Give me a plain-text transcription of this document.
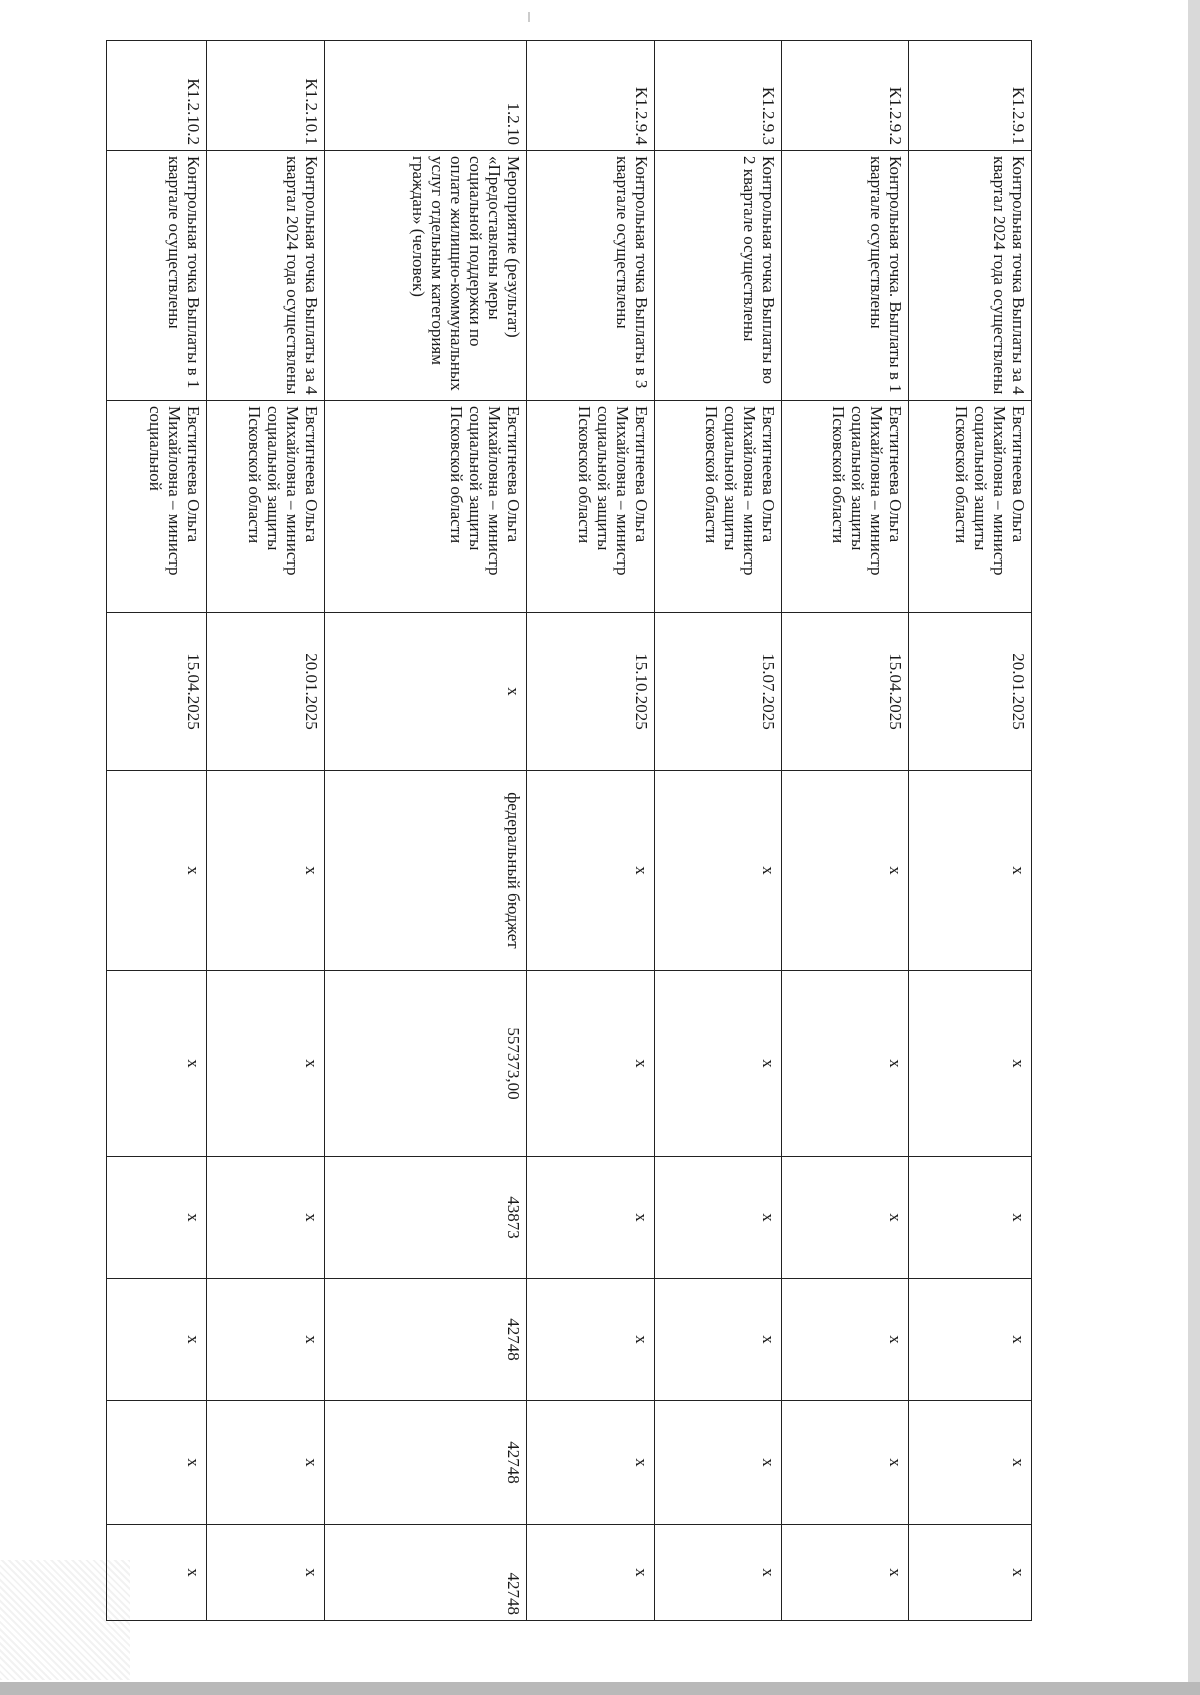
К1.2.9.1	Контрольная точка Выплаты за 4 квартал 2024 года осуществлены	Евстигнеева Ольга Михайловна – министр социальной защиты Псковской области	20.01.2025	х	х	х	х	х	х
К1.2.9.2	Контрольная точка. Выплаты в 1 квартале осуществлены	Евстигнеева Ольга Михайловна – министр социальной защиты Псковской области	15.04.2025	х	х	х	х	х	х
К1.2.9.3	Контрольная точка Выплаты во 2 квартале осуществлены	Евстигнеева Ольга Михайловна – министр социальной защиты Псковской области	15.07.2025	х	х	х	х	х	х
К1.2.9.4	Контрольная точка Выплаты в 3 квартале осуществлены	Евстигнеева Ольга Михайловна – министр социальной защиты Псковской области	15.10.2025	х	х	х	х	х	х
1.2.10	Мероприятие (результат) «Предоставлены меры социальной поддержки по оплате жилищно-коммунальных услуг отдельным категориям граждан» (человек)	Евстигнеева Ольга Михайловна – министр социальной защиты Псковской области	х	федеральный бюджет	557373,00	43873	42748	42748	42748
К1.2.10.1	Контрольная точка Выплаты за 4 квартал 2024 года осуществлены	Евстигнеева Ольга Михайловна – министр социальной защиты Псковской области	20.01.2025	х	х	х	х	х	х
К1.2.10.2	Контрольная точка Выплаты в 1 квартале осуществлены	Евстигнеева Ольга Михайловна – министр социальной	15.04.2025	х	х	х	х	х	х
